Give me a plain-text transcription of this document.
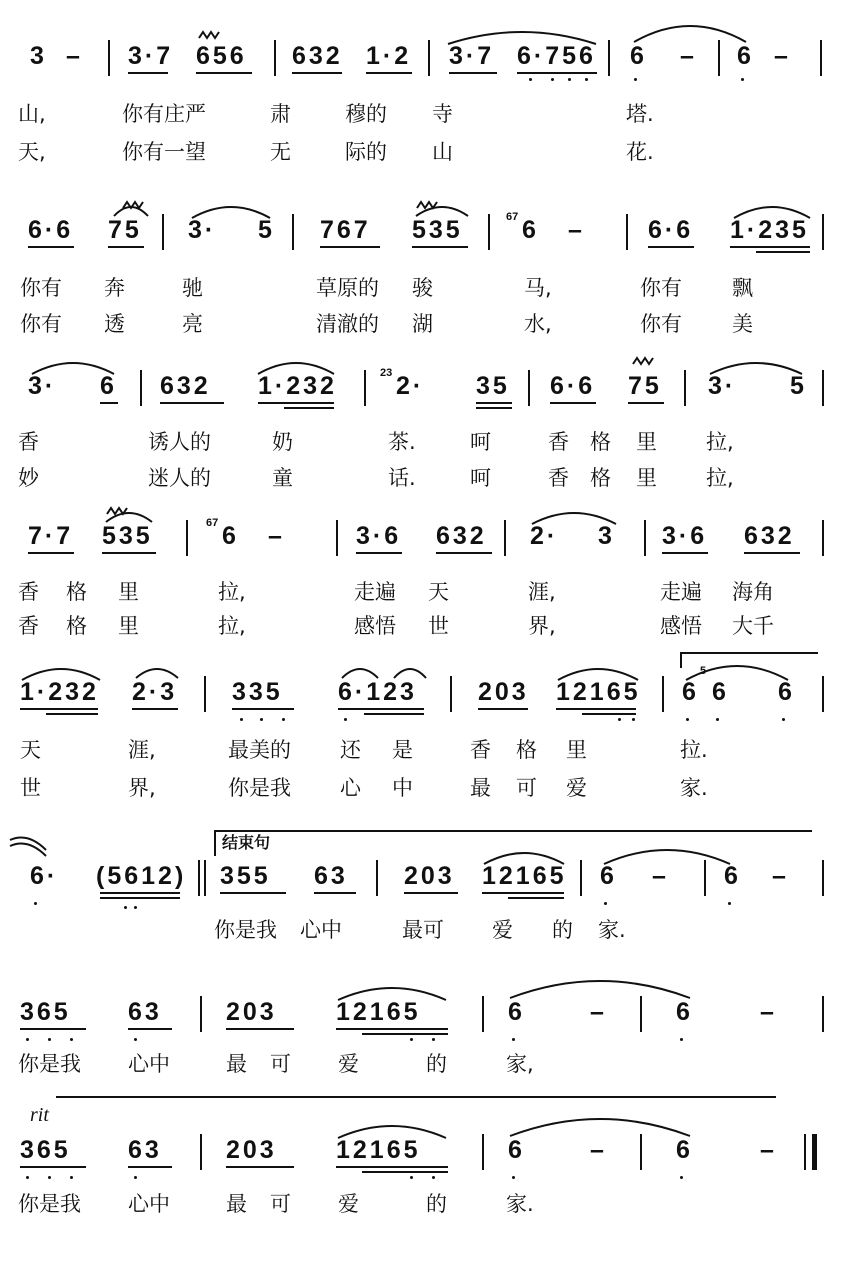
3 – 3·7 656 632 1·2 3·7 6·756 6 – 6 –
山,	你有庄严	肃	穆的 寺	塔.
天,	你有一望	无	际的 山	花.
6·6 75 3· 5 767 535	67 6 –	6·6 1·235
你有 奔	驰	草原的 骏	马,	你有 飘
你有 透	亮	清澈的 湖	水,	你有 美
3· 6 632 1·232	23 2· 35 6·6 75 3· 5
香	诱人的	奶	茶.	呵	香 格 里 拉,
妙	迷人的	童	话.	呵	香 格 里 拉,
7·7 535	67 6 –	3·6 632 2· 3 3·6 632
香 格 里	拉,	走遍 天	涯,	走遍 海角
香 格 里	拉,	感悟 世	界,	感悟 大千
1·232 2·3 335 6·123 203 12165 6
5
6 6
天	涯,	最美的 还 是	香 格 里	拉.
世	界,	你是我 心 中	最 可 爱	家.
结束句
6· (5612) 355 63 203 12165 6 – 6 –
你是我 心中	最可 爱 的 家.
365 63	203 12165	6	–	6	–
你是我 心中	最 可 爱	的	家,
rit
365 63	203 12165	6	–	6	–
你是我 心中	最 可 爱	的	家.
